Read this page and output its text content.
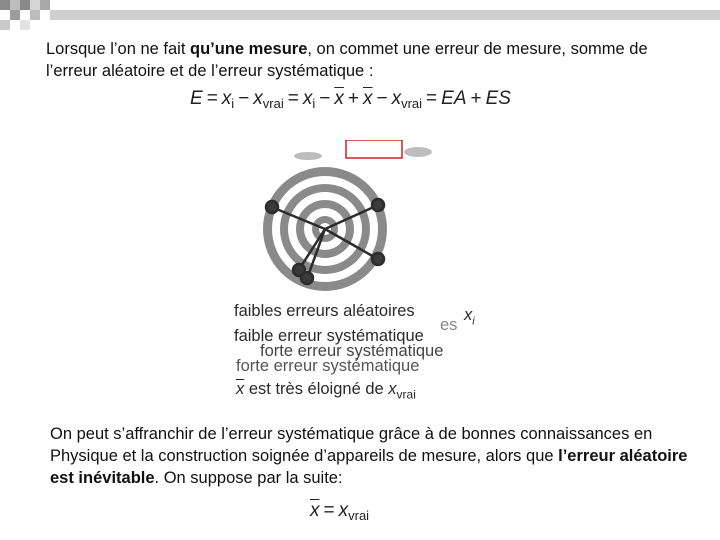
Lorsque l’on ne fait qu’une mesure, on commet une erreur de mesure, somme de l’erreur aléatoire et de l’erreur systématique :
$E = x_i - x_{vrai} = x_i - \overline{x} + \overline{x} - x_{vrai}$ = EA + ES
faibles erreurs aléatoires
faible erreur systématique
forte erreur systématique
forte erreur systématique
es
$x_i$
$\overline{x}$ est très éloigné de $x_{vrai}$
On peut s’affranchir de l’erreur systématique grâce à de bonnes connaissances en Physique et la construction soignée d’appareils de mesure, alors que l’erreur aléatoire est inévitable. On suppose par la suite:
$\overline{x} = x_{vrai}$
